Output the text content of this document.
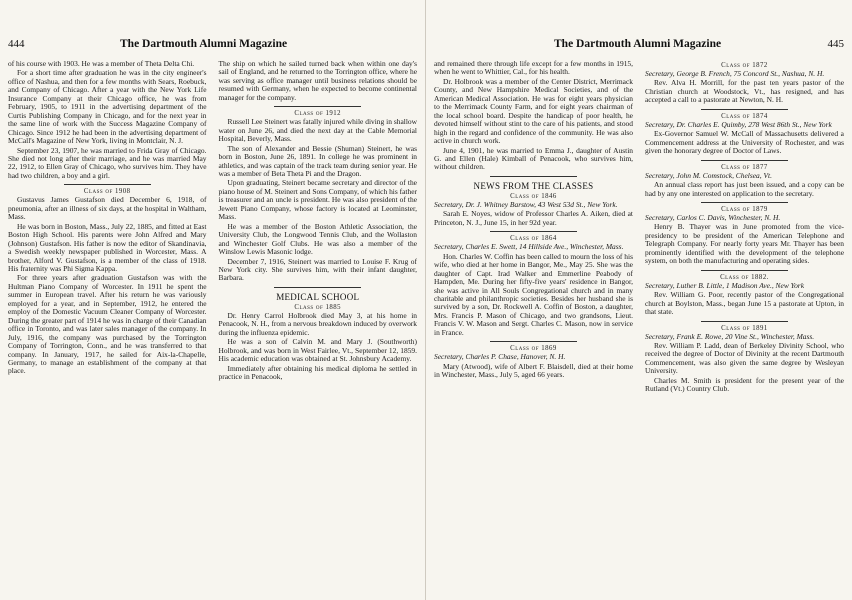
444	The Dartmouth Alumni Magazine

of his course with 1903. He was a member of Theta Delta Chi.

For a short time after graduation he was in the city engineer's office of Nashua, and then for a few months with Sears, Roebuck, and Company of Chicago. After a year with the New York Life Insurance Company at their Chicago office, he was from February, 1905, to 1911 in the advertising department of the Curtis Publishing Company in Chicago, and for the next year in the same line of work with the Success Magazine Company of Chicago. Since 1912 he had been in the advertising department of McCall's Magazine of New York, living in Montclair, N. J.

September 23, 1907, he was married to Frida Gray of Chicago. She died not long after their marriage, and he was married May 22, 1912, to Ellen Gray of Chicago, who survives him. They have had two children, a boy and a girl.

Class of 1908

Gustavus James Gustafson died December 6, 1918, of pneumonia, after an illness of six days, at the hospital in Waltham, Mass.

He was born in Boston, Mass., July 22, 1885, and fitted at East Boston High School. His parents were John Alfred and Mary (Johnson) Gustafson. His father is now the editor of Skandinavia, a Swedish weekly newspaper published in Worcester, Mass. A brother, Alford V. Gustafson, is a member of the class of 1918. His fraternity was Phi Sigma Kappa.

For three years after graduation Gustafson was with the Hultman Piano Company of Worcester. In 1911 he spent the summer in European travel. After his return he was variously employed for a year, and in September, 1912, he entered the employ of the Domestic Vacuum Cleaner Company of Worcester. During the greater part of 1914 he was in charge of their Canadian office in Toronto, and was later sales manager of the company. In July, 1916, the company was purchased by the Torrington Company of Torrington, Conn., and he was transferred to that company. In January, 1917, he sailed for Aix-la-Chapelle, Germany, to manage an establishment of the company at that place.

The ship on which he sailed turned back when within one day's sail of England, and he returned to the Torrington office, where he was serving as office manager until business relations should be resumed with Germany, when he expected to become continental manager for the company.

Class of 1912

Russell Lee Steinert was fatally injured while diving in shallow water on June 26, and died the next day at the Cable Memorial Hospital, Beverly, Mass.

The son of Alexander and Bessie (Shuman) Steinert, he was born in Boston, June 26, 1891. In college he was prominent in athletics, and was captain of the track team during senior year. He was a member of Beta Theta Pi and the Dragon.

Upon graduating, Steinert became secretary and director of the piano house of M. Steinert and Sons Company, of which his father is treasurer and an uncle is president. He was also president of the Jewett Piano Company, whose factory is located at Leominster, Mass.

He was a member of the Boston Athletic Association, the University Club, the Longwood Tennis Club, and the Wollaston and Winchester Golf Clubs. He was also a member of the Winslow Lewis Masonic lodge.

December 7, 1916, Steinert was married to Louise F. Krug of New York city. She survives him, with their infant daughter, Barbara.

MEDICAL SCHOOL
Class of 1885

Dr. Henry Carrol Holbrook died May 3, at his home in Penacook, N. H., from a nervous breakdown induced by overwork during the influenza epidemic.

He was a son of Calvin M. and Mary J. (Southworth) Holbrook, and was born in West Fairlee, Vt., September 12, 1859. His academic education was obtained at St. Johnsbury Academy.

Immediately after obtaining his medical diploma he settled in practice in Penacook,

The Dartmouth Alumni Magazine	445

and remained there through life except for a few months in 1915, when he went to Whittier, Cal., for his health.

Dr. Holbrook was a member of the Center District, Merrimack County, and New Hampshire Medical Societies, and of the American Medical Association. He was for eight years physician to the Merrimack County Farm, and for eight years chairman of the local school board. Despite the handicap of poor health, he devoted himself without stint to the care of his patients, and stood high in the regard and confidence of the community. He was also active in church work.

June 4, 1901, he was married to Emma J., daughter of Austin G. and Ellen (Hale) Kimball of Penacook, who survives him, without children.

NEWS FROM THE CLASSES
Class of 1846
Secretary, Dr. J. Whitney Barstow, 43 West 53d St., New York.

Sarah E. Noyes, widow of Professor Charles A. Aiken, died at Princeton, N. J., June 15, in her 92d year.

Class of 1864
Secretary, Charles E. Swett, 14 Hillside Ave., Winchester, Mass.

Hon. Charles W. Coffin has been called to mourn the loss of his wife, who died at her home in Bangor, Me., May 25. She was the daughter of Capt. Irad Walker and Emmerline Peabody of Hampden, Me. During her fifty-five years' residence in Bangor, she was active in All Souls Congregational church and in many charitable and philanthropic societies. Besides her husband she is survived by a son, Dr. Rockwell A. Coffin of Boston, a daughter, Mrs. Francis P. Mason of Chicago, and two grandsons, Lieut. Francis V. W. Mason and Sergt. Charles C. Mason, now in service in France.

Class of 1869
Secretary, Charles P. Chase, Hanover, N. H.

Mary (Atwood), wife of Albert F. Blaisdell, died at their home in Winchester, Mass., July 5, aged 66 years.

Class of 1872
Secretary, George B. French, 75 Concord St., Nashua, N. H.

Rev. Alva H. Morrill, for the past ten years pastor of the Christian church at Woodstock, Vt., has resigned, and has accepted a call to a pastorate at Newton, N. H.

Class of 1874
Secretary, Dr. Charles E. Quimby, 278 West 86th St., New York

Ex-Governor Samuel W. McCall of Massachusetts delivered a Commencement address at the University of Rochester, and was given the honorary degree of Doctor of Laws.

Class of 1877
Secretary, John M. Comstock, Chelsea, Vt.

An annual class report has just been issued, and a copy can be had by any one interested on application to the secretary.

Class of 1879
Secretary, Carlos C. Davis, Winchester, N. H.

Henry B. Thayer was in June promoted from the vice-presidency to be president of the American Telephone and Telegraph Company. For nearly forty years Mr. Thayer has been prominently identified with the development of the telephone system, on both the manufacturing and operating sides.

Class of 1882.
Secretary, Luther B. Little, 1 Madison Ave., New York

Rev. William G. Poor, recently pastor of the Congregational church at Boylston, Mass., began June 15 a pastorate at Upton, in that state.

Class of 1891
Secretary, Frank E. Rowe, 20 Vine St., Winchester, Mass.

Rev. William P. Ladd, dean of Berkeley Divinity School, who received the degree of Doctor of Divinity at the recent Dartmouth Commencement, was also given the same degree by Wesleyan University.

Charles M. Smith is president for the present year of the Rutland (Vt.) Country Club.
